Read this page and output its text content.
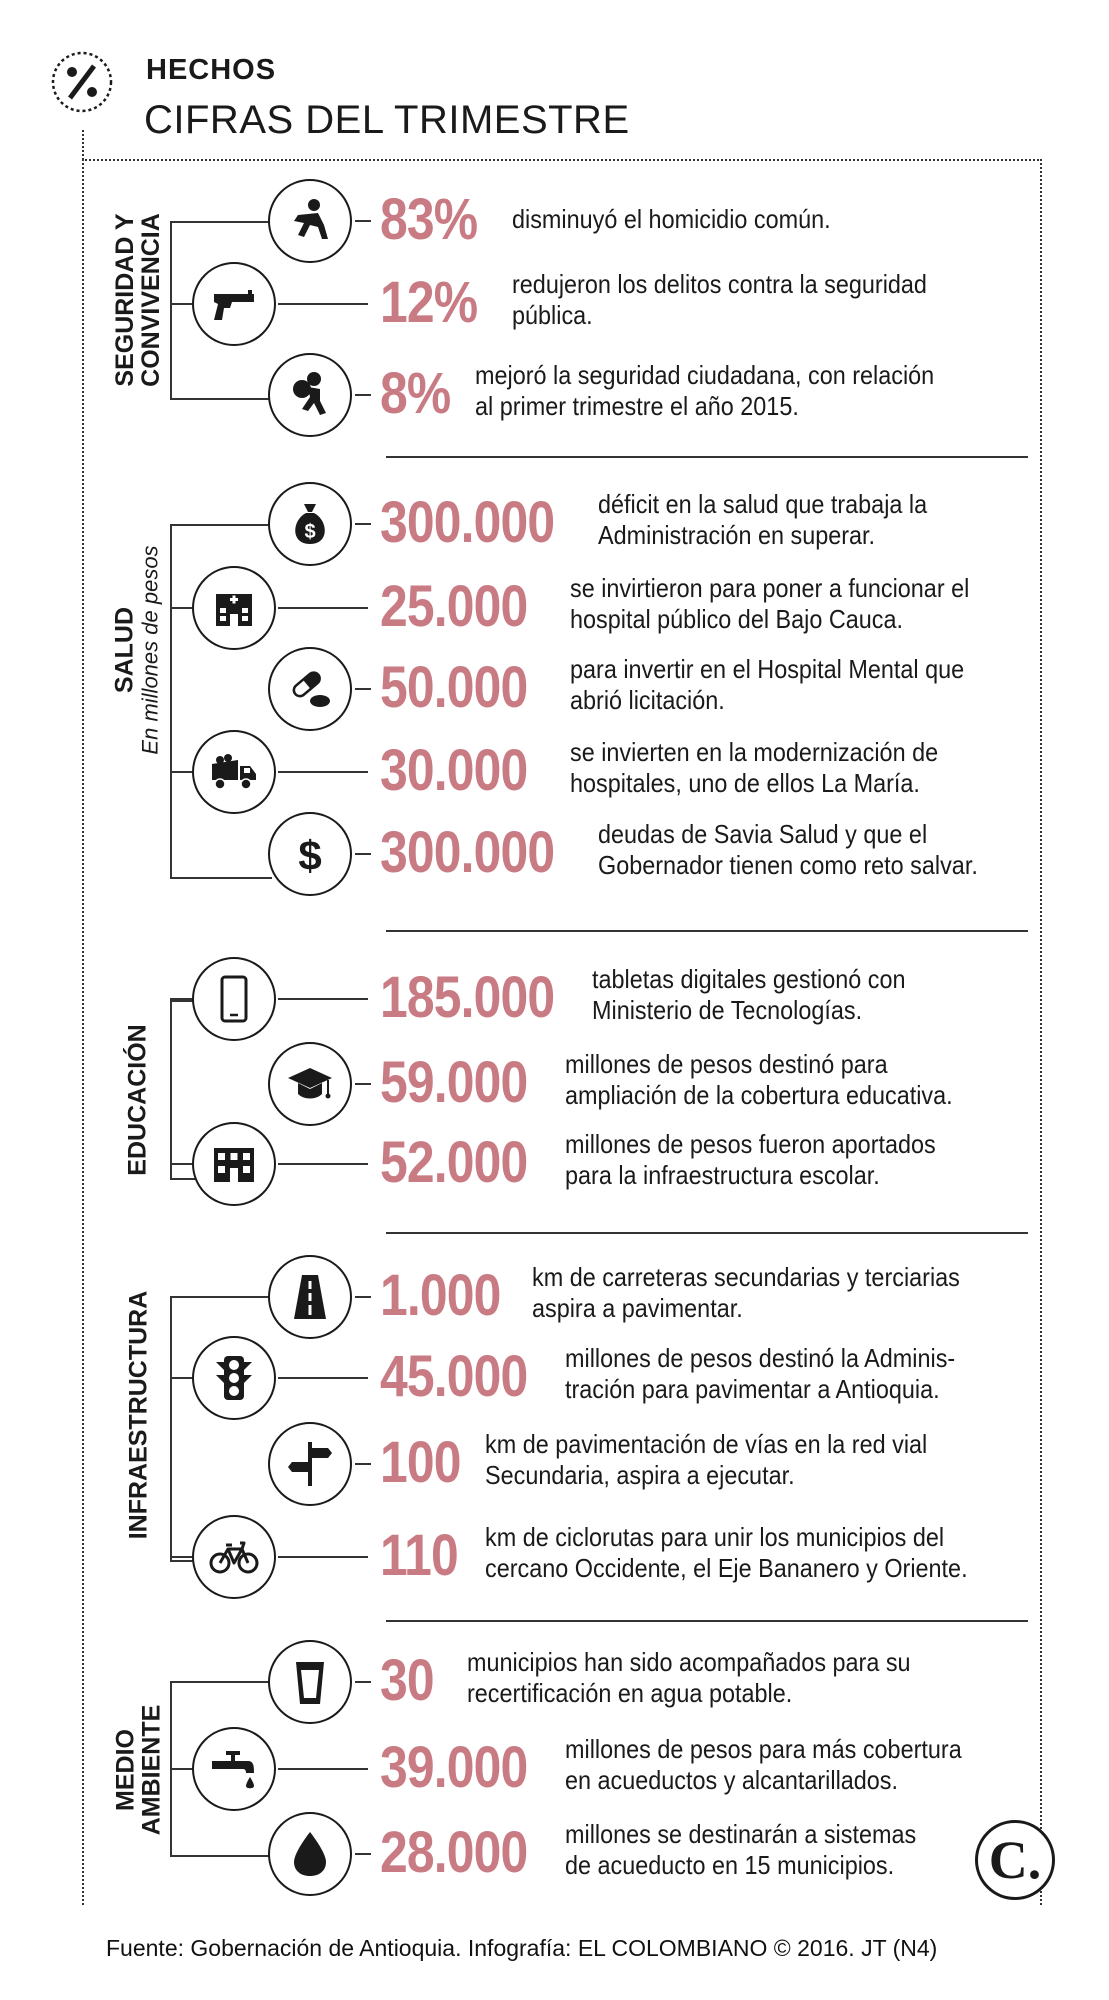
HECHOS
CIFRAS DEL TRIMESTRE
SEGURIDAD Y
CONVIVENCIA
SALUD En millones de pesos
EDUCACIÓN
INFRAESTRUCTURA
MEDIO
AMBIENTE
83% disminuyó el homicidio común.
12% redujeron los delitos contra la seguridad pública.
8% mejoró la seguridad ciudadana, con relación al primer trimestre el año 2015.
$ 300.000 déficit en la salud que trabaja la Administración en superar.
25.000 se invirtieron para poner a funcionar el hospital público del Bajo Cauca.
50.000 para invertir en el Hospital Mental que abrió licitación.
30.000 se invierten en la modernización de hospitales, uno de ellos La María.
$ 300.000 deudas de Savia Salud y que el Gobernador tienen como reto salvar.
185.000 tabletas digitales gestionó con Ministerio de Tecnologías.
59.000 millones de pesos destinó para ampliación de la cobertura educativa.
52.000 millones de pesos fueron aportados para la infraestructura escolar.
1.000 km de carreteras secundarias y terciarias aspira a pavimentar.
45.000 millones de pesos destinó la Adminis- tración para pavimentar a Antioquia.
100 km de pavimentación de vías en la red vial Secundaria, aspira a ejecutar.
110 km de ciclorutas para unir los municipios del cercano Occidente, el Eje Bananero y Oriente.
30 municipios han sido acompañados para su recertificación en agua potable.
39.000 millones de pesos para más cobertura en acueductos y alcantarillados.
28.000 millones se destinarán a sistemas de acueducto en 15 municipios.	C.
Fuente: Gobernación de Antioquia. Infografía: EL COLOMBIANO © 2016. JT (N4)
